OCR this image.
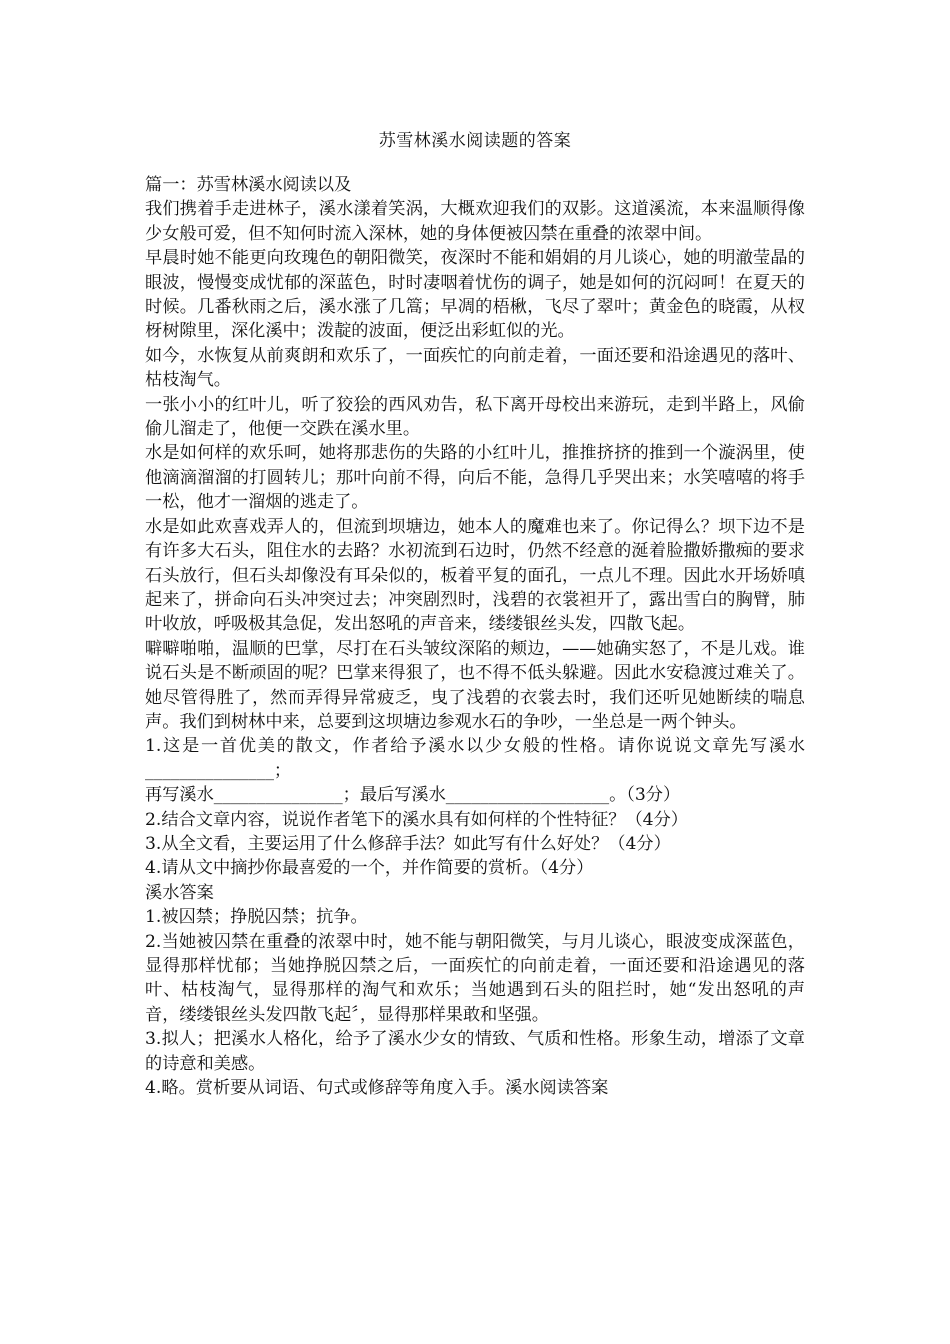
苏雪林溪水阅读题的答案

篇一：苏雪林溪水阅读以及

我们携着手走进林子，溪水漾着笑涡，大概欢迎我们的双影。这道溪流，本来温顺得像少女般可爱，但不知何时流入深林，她的身体便被囚禁在重叠的浓翠中间。

早晨时她不能更向玫瑰色的朝阳微笑，夜深时不能和娟娟的月儿谈心，她的明澈莹晶的眼波，慢慢变成忧郁的深蓝色，时时凄咽着忧伤的调子，她是如何的沉闷呵！在夏天的时候。几番秋雨之后，溪水涨了几篙；早凋的梧楸，飞尽了翠叶；黄金色的晓霞，从杈枒树隙里，深化溪中；泼靛的波面，便泛出彩虹似的光。

如今，水恢复从前爽朗和欢乐了，一面疾忙的向前走着，一面还要和沿途遇见的落叶、枯枝淘气。

一张小小的红叶儿，听了狡狯的西风劝告，私下离开母校出来游玩，走到半路上，风偷偷儿溜走了，他便一交跌在溪水里。

水是如何样的欢乐呵，她将那悲伤的失路的小红叶儿，推推挤挤的推到一个漩涡里，使他滴滴溜溜的打圆转儿；那叶向前不得，向后不能，急得几乎哭出来；水笑嘻嘻的将手一松，他才一溜烟的逃走了。

水是如此欢喜戏弄人的，但流到坝塘边，她本人的魔难也来了。你记得么？坝下边不是有许多大石头，阻住水的去路？水初流到石边时，仍然不经意的涎着脸撒娇撒痴的要求石头放行，但石头却像没有耳朵似的，板着平复的面孔，一点儿不理。因此水开场娇嗔起来了，拼命向石头冲突过去；冲突剧烈时，浅碧的衣裳袒开了，露出雪白的胸臂，肺叶收放，呼吸极其急促，发出怒吼的声音来，缕缕银丝头发，四散飞起。

噼噼啪啪，温顺的巴掌，尽打在石头皱纹深陷的颊边，——她确实怒了，不是儿戏。谁说石头是不断顽固的呢？巴掌来得狠了，也不得不低头躲避。因此水安稳渡过难关了。她尽管得胜了，然而弄得异常疲乏，曳了浅碧的衣裳去时，我们还听见她断续的喘息声。我们到树林中来，总要到这坝塘边参观水石的争吵，一坐总是一两个钟头。

1.这是一首优美的散文，作者给予溪水以少女般的性格。请你说说文章先写溪水_______________；

再写溪水_______________；最后写溪水___________________。（3分）

2.结合文章内容，说说作者笔下的溪水具有如何样的个性特征？（4分）

3.从全文看，主要运用了什么修辞手法？如此写有什么好处？（4分）

4.请从文中摘抄你最喜爱的一个，并作简要的赏析。（4分）

溪水答案

1.被囚禁；挣脱囚禁；抗争。

2.当她被囚禁在重叠的浓翠中时，她不能与朝阳微笑，与月儿谈心，眼波变成深蓝色，显得那样忧郁；当她挣脱囚禁之后，一面疾忙的向前走着，一面还要和沿途遇见的落叶、枯枝淘气，显得那样的淘气和欢乐；当她遇到石头的阻拦时，她“发出怒吼的声音，缕缕银丝头发四散飞起〞，显得那样果敢和坚强。

3.拟人；把溪水人格化，给予了溪水少女的情致、气质和性格。形象生动，增添了文章的诗意和美感。

4.略。赏析要从词语、句式或修辞等角度入手。溪水阅读答案
